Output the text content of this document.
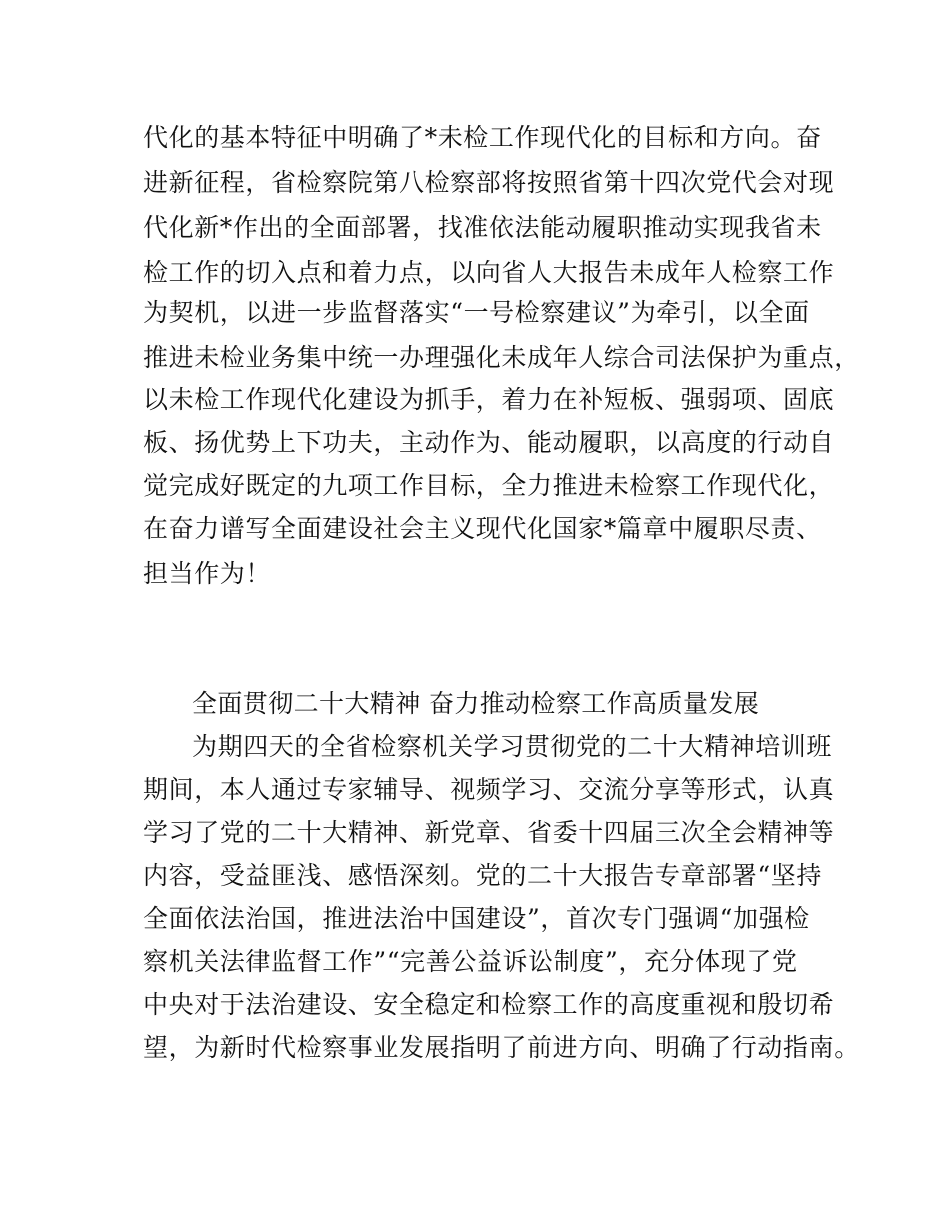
代化的基本特征中明确了*未检工作现代化的目标和方向。奋
进新征程，省检察院第八检察部将按照省第十四次党代会对现
代化新*作出的全面部署，找准依法能动履职推动实现我省未
检工作的切入点和着力点，以向省人大报告未成年人检察工作
为契机，以进一步监督落实“一号检察建议”为牵引，以全面
推进未检业务集中统一办理强化未成年人综合司法保护为重点，
以未检工作现代化建设为抓手，着力在补短板、强弱项、固底
板、扬优势上下功夫，主动作为、能动履职，以高度的行动自
觉完成好既定的九项工作目标，全力推进未检察工作现代化，
在奋力谱写全面建设社会主义现代化国家*篇章中履职尽责、
担当作为！
全面贯彻二十大精神 奋力推动检察工作高质量发展
为期四天的全省检察机关学习贯彻党的二十大精神培训班
期间，本人通过专家辅导、视频学习、交流分享等形式，认真
学习了党的二十大精神、新党章、省委十四届三次全会精神等
内容，受益匪浅、感悟深刻。党的二十大报告专章部署“坚持
全面依法治国，推进法治中国建设”，首次专门强调“加强检
察机关法律监督工作”“完善公益诉讼制度”，充分体现了党
中央对于法治建设、安全稳定和检察工作的高度重视和殷切希
望，为新时代检察事业发展指明了前进方向、明确了行动指南。
